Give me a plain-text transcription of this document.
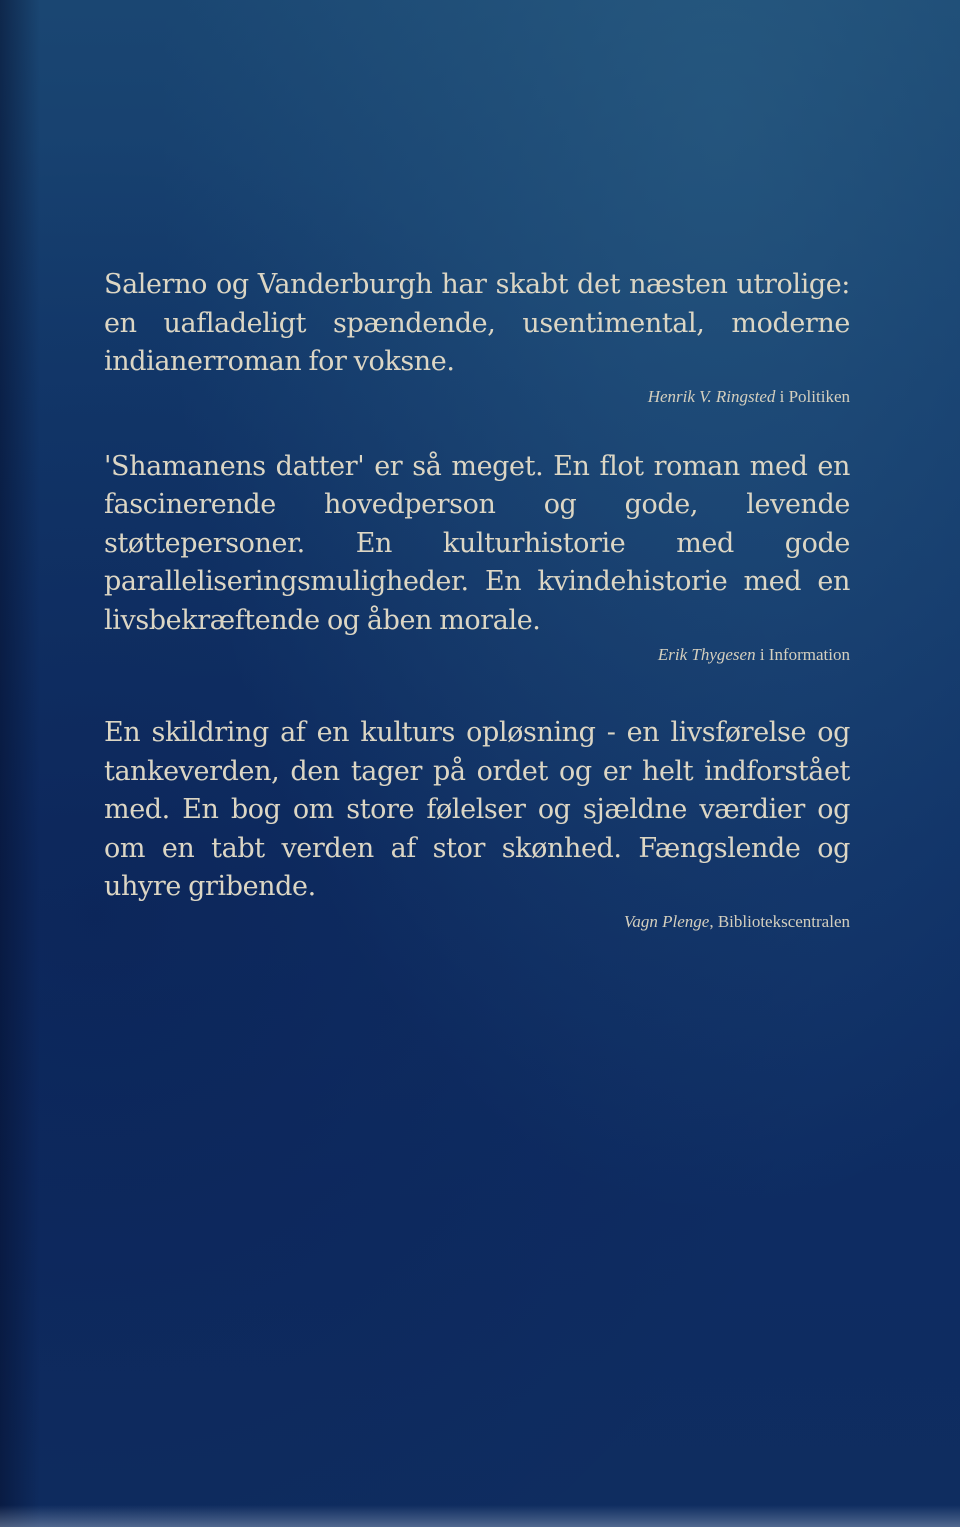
Salerno og Vanderburgh har skabt det næsten utrolige: en uafladeligt spændende, usentimental, moderne indianerroman for voksne.

Henrik V. Ringsted i Politiken

'Shamanens datter' er så meget. En flot roman med en fascinerende hovedperson og gode, levende støttepersoner. En kulturhistorie med gode paralleliseringsmuligheder. En kvindehistorie med en livsbekræftende og åben morale.

Erik Thygesen i Information

En skildring af en kulturs opløsning - en livsførelse og tankeverden, den tager på ordet og er helt indforstået med. En bog om store følelser og sjældne værdier og om en tabt verden af stor skønhed. Fængslende og uhyre gribende.

Vagn Plenge, Bibliotekscentralen
